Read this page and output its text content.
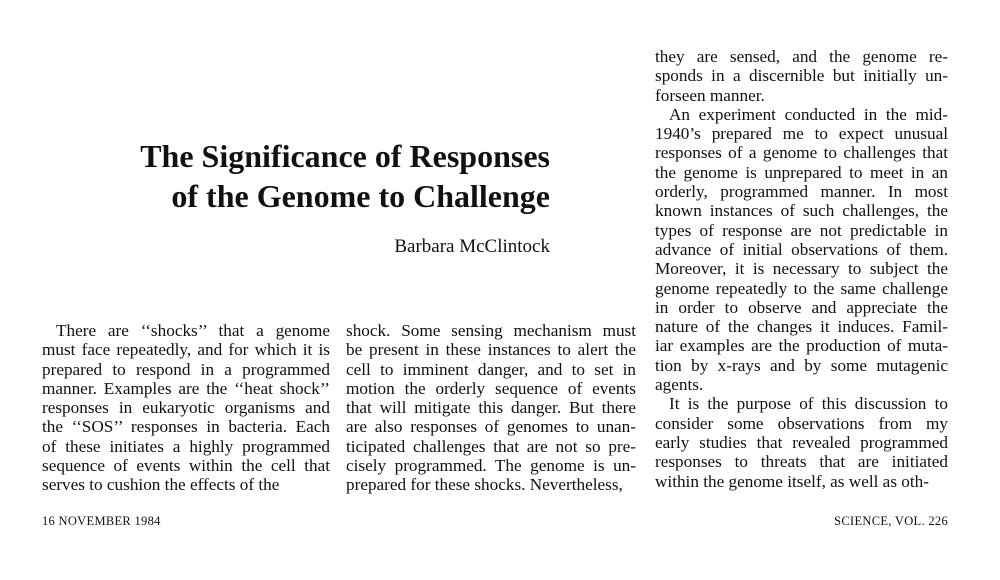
The Significance of Responses
of the Genome to Challenge

Barbara McClintock

There are ‘‘shocks’’ that a genome
must face repeatedly, and for which it is
prepared to respond in a programmed
manner. Examples are the ‘‘heat shock’’
responses in eukaryotic organisms and
the ‘‘SOS’’ responses in bacteria. Each
of these initiates a highly programmed
sequence of events within the cell that
serves to cushion the effects of the

shock. Some sensing mechanism must
be present in these instances to alert the
cell to imminent danger, and to set in
motion the orderly sequence of events
that will mitigate this danger. But there
are also responses of genomes to unan-
ticipated challenges that are not so pre-
cisely programmed. The genome is un-
prepared for these shocks. Nevertheless,

they are sensed, and the genome re-
sponds in a discernible but initially un-
forseen manner.

An experiment conducted in the mid-
1940’s prepared me to expect unusual
responses of a genome to challenges that
the genome is unprepared to meet in an
orderly, programmed manner. In most
known instances of such challenges, the
types of response are not predictable in
advance of initial observations of them.
Moreover, it is necessary to subject the
genome repeatedly to the same challenge
in order to observe and appreciate the
nature of the changes it induces. Famil-
iar examples are the production of muta-
tion by x-rays and by some mutagenic
agents.

It is the purpose of this discussion to
consider some observations from my
early studies that revealed programmed
responses to threats that are initiated
within the genome itself, as well as oth-

16 NOVEMBER 1984	SCIENCE, VOL. 226
